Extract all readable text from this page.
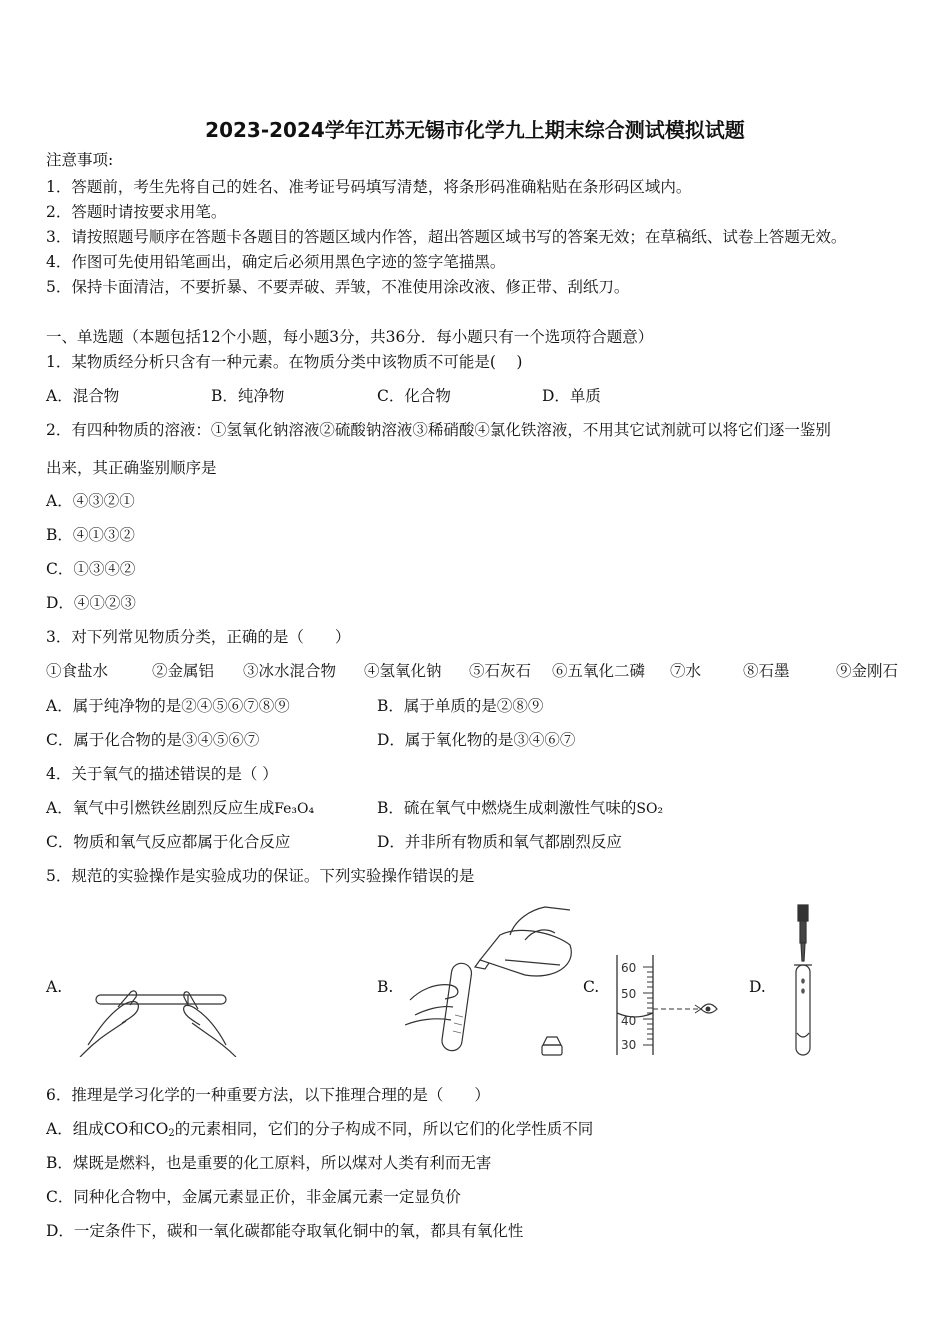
2023-2024学年江苏无锡市化学九上期末综合测试模拟试题
注意事项:
1．答题前，考生先将自己的姓名、准考证号码填写清楚，将条形码准确粘贴在条形码区域内。
2．答题时请按要求用笔。
3．请按照题号顺序在答题卡各题目的答题区域内作答，超出答题区域书写的答案无效；在草稿纸、试卷上答题无效。
4．作图可先使用铅笔画出，确定后必须用黑色字迹的签字笔描黑。
5．保持卡面清洁，不要折暴、不要弄破、弄皱，不准使用涂改液、修正带、刮纸刀。
一、单选题（本题包括12个小题，每小题3分，共36分．每小题只有一个选项符合题意）
1．某物质经分析只含有一种元素。在物质分类中该物质不可能是(　 )
A．混合物	B．纯净物	C．化合物	D．单质
2．有四种物质的溶液：①氢氧化钠溶液②硫酸钠溶液③稀硝酸④氯化铁溶液，不用其它试剂就可以将它们逐一鉴别
出来，其正确鉴别顺序是
A．④③②①
B．④①③②
C．①③④②
D．④①②③
3．对下列常见物质分类，正确的是（　　）
①食盐水	②金属铝 ③冰水混合物 ④氢氧化钠 ⑤石灰石 ⑥五氧化二磷 ⑦水	⑧石墨	⑨金刚石
A．属于纯净物的是②④⑤⑥⑦⑧⑨	B．属于单质的是②⑧⑨
C．属于化合物的是③④⑤⑥⑦	D．属于氧化物的是③④⑥⑦
4．关于氧气的描述错误的是（ ）
A．氧气中引燃铁丝剧烈反应生成Fe₃O₄	B．硫在氧气中燃烧生成刺激性气味的SO₂
C．物质和氧气反应都属于化合反应	D．并非所有物质和氧气都剧烈反应
5．规范的实验操作是实验成功的保证。下列实验操作错误的是
A.	B.	C.	D.
60
50
40
30
6．推理是学习化学的一种重要方法，以下推理合理的是（　　）
A．组成CO和$CO_2$的元素相同，它们的分子构成不同，所以它们的化学性质不同
B．煤既是燃料，也是重要的化工原料，所以煤对人类有利而无害
C．同种化合物中，金属元素显正价，非金属元素一定显负价
D．一定条件下，碳和一氧化碳都能夺取氧化铜中的氧，都具有氧化性
